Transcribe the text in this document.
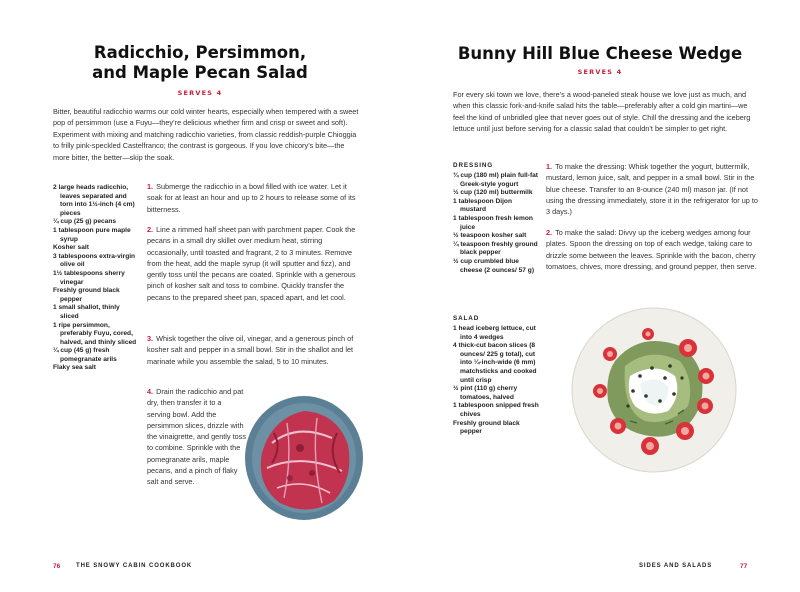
Radicchio, Persimmon,
and Maple Pecan Salad

SERVES 4

Bitter, beautiful radicchio warms our cold winter hearts, especially when tempered with a sweet pop of persimmon (use a Fuyu—they’re delicious whether firm and crisp or sweet and soft). Experiment with mixing and matching radicchio varieties, from classic reddish-purple Chioggia to frilly pink-speckled Castelfranco; the contrast is gorgeous. If you love chicory’s bite—the more bitter, the better—skip the soak.

2 large heads radicchio, leaves separated and torn into 1½-inch (4 cm) pieces
¼ cup (25 g) pecans
1 tablespoon pure maple syrup
Kosher salt
3 tablespoons extra-virgin olive oil
1½ tablespoons sherry vinegar
Freshly ground black pepper
1 small shallot, thinly sliced
1 ripe persimmon, preferably Fuyu, cored, halved, and thinly sliced
¼ cup (45 g) fresh pomegranate arils
Flaky sea salt

1. Submerge the radicchio in a bowl filled with ice water. Let it soak for at least an hour and up to 2 hours to release some of its bitterness.

2. Line a rimmed half sheet pan with parchment paper. Cook the pecans in a small dry skillet over medium heat, stirring occasionally, until toasted and fragrant, 2 to 3 minutes. Remove from the heat, add the maple syrup (it will sputter and fizz), and gently toss until the pecans are coated. Sprinkle with a generous pinch of kosher salt and toss to combine. Quickly transfer the pecans to the prepared sheet pan, spaced apart, and let cool.

3. Whisk together the olive oil, vinegar, and a generous pinch of kosher salt and pepper in a small bowl. Stir in the shallot and let marinate while you assemble the salad, 5 to 10 minutes.

4. Drain the radicchio and pat dry, then transfer it to a serving bowl. Add the persimmon slices, drizzle with the vinaigrette, and gently toss to combine. Sprinkle with the pomegranate arils, maple pecans, and a pinch of flaky salt and serve.

76	THE SNOWY CABIN COOKBOOK
Bunny Hill Blue Cheese Wedge

SERVES 4

For every ski town we love, there’s a wood-paneled steak house we love just as much, and when this classic fork-and-knife salad hits the table—preferably after a cold gin martini—we feel the kind of unbridled glee that never goes out of style. Chill the dressing and the iceberg lettuce until just before serving for a classic salad that couldn’t be simpler to get right.

DRESSING

¾ cup (180 ml) plain full-fat Greek-style yogurt
½ cup (120 ml) buttermilk
1 tablespoon Dijon mustard
1 tablespoon fresh lemon juice
½ teaspoon kosher salt
¼ teaspoon freshly ground black pepper
½ cup crumbled blue cheese (2 ounces/ 57 g)

SALAD

1 head iceberg lettuce, cut into 4 wedges
4 thick-cut bacon slices (8 ounces/ 225 g total), cut into ¼-inch-wide (6 mm) matchsticks and cooked until crisp
½ pint (110 g) cherry tomatoes, halved
1 tablespoon snipped fresh chives
Freshly ground black pepper

1. To make the dressing: Whisk together the yogurt, buttermilk, mustard, lemon juice, salt, and pepper in a small bowl. Stir in the blue cheese. Transfer to an 8-ounce (240 ml) mason jar. (If not using the dressing immediately, store it in the refrigerator for up to 3 days.)

2. To make the salad: Divvy up the iceberg wedges among four plates. Spoon the dressing on top of each wedge, taking care to drizzle some between the leaves. Sprinkle with the bacon, cherry tomatoes, chives, more dressing, and ground pepper, then serve.

SIDES AND SALADS	77
